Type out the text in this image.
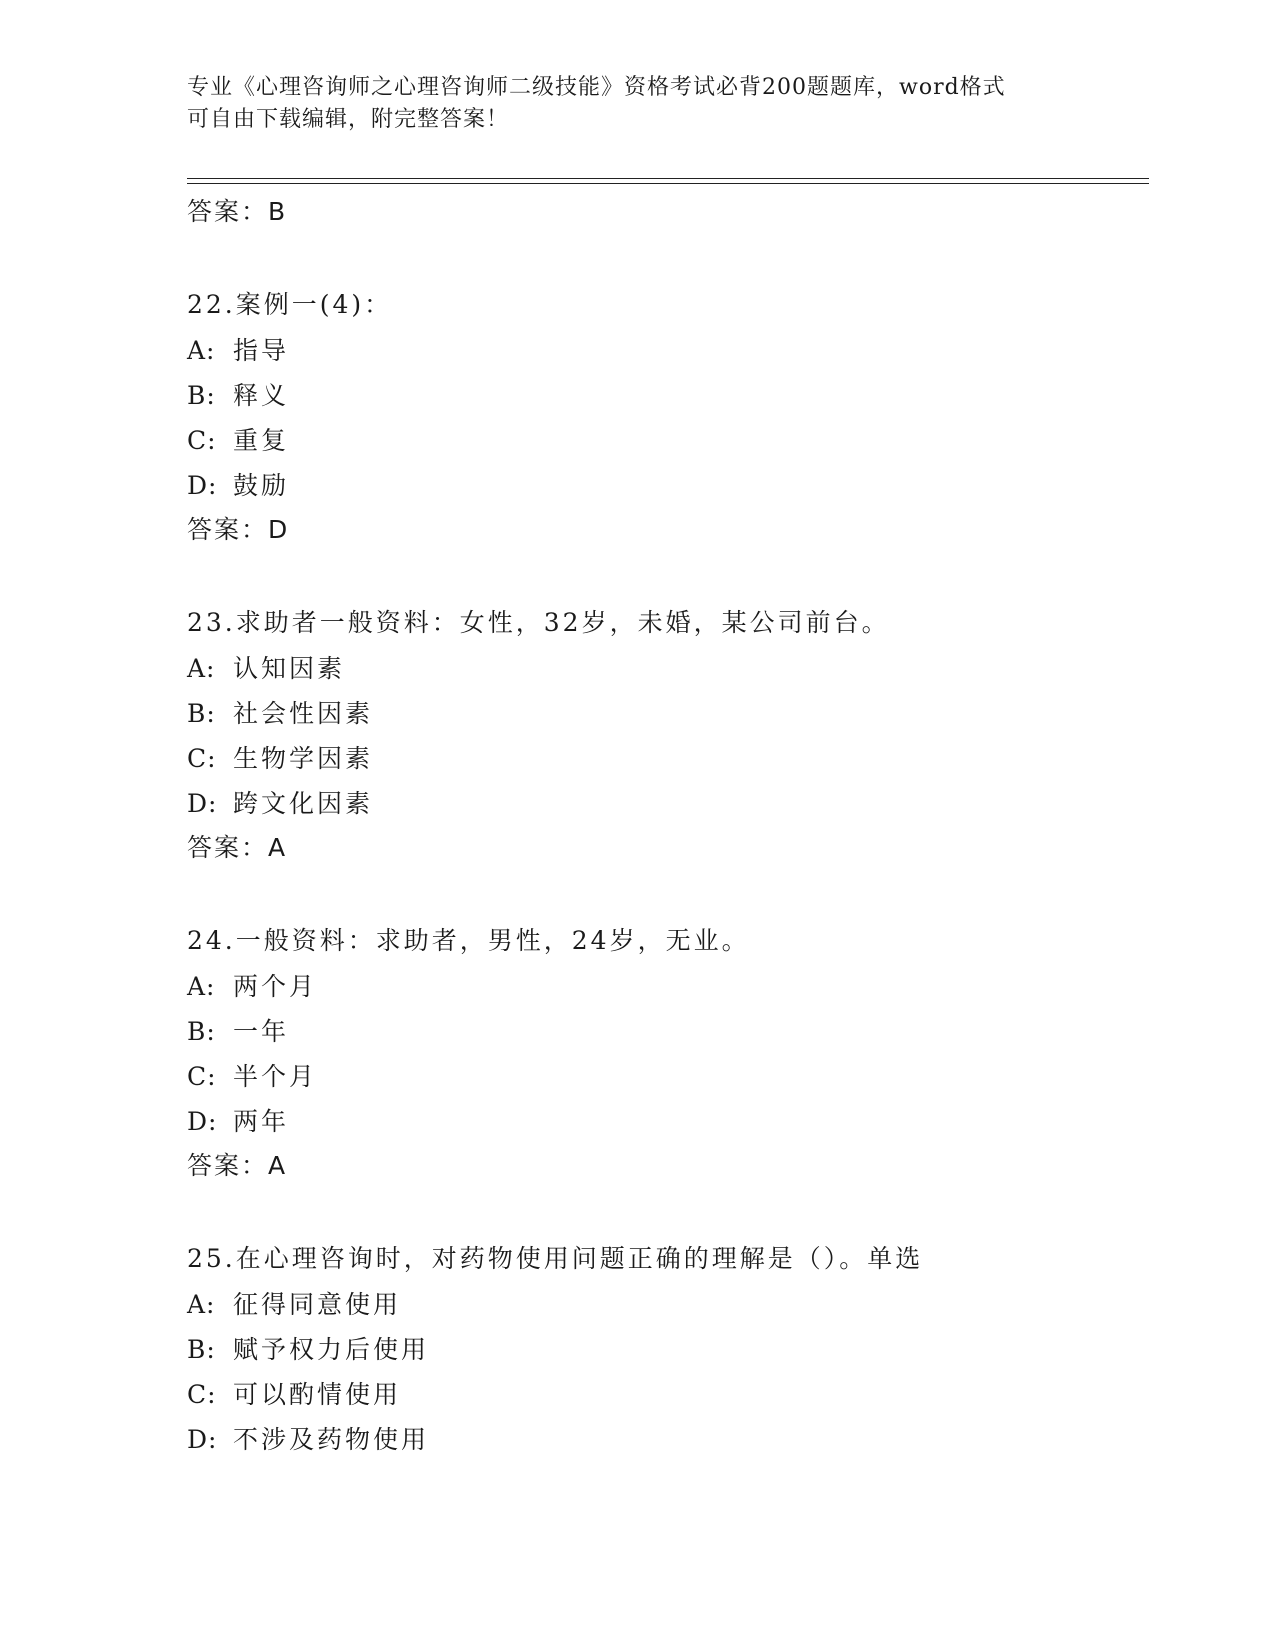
专业《心理咨询师之心理咨询师二级技能》资格考试必背200题题库，word格式
可自由下载编辑，附完整答案！
答案：B
22.案例一(4)：
A: 指导
B: 释义
C: 重复
D: 鼓励
答案：D
23.求助者一般资料：女性，32岁，未婚，某公司前台。
A: 认知因素
B: 社会性因素
C: 生物学因素
D: 跨文化因素
答案：A
24.一般资料：求助者，男性，24岁，无业。
A: 两个月
B: 一年
C: 半个月
D: 两年
答案：A
25.在心理咨询时，对药物使用问题正确的理解是（）。单选
A: 征得同意使用
B: 赋予权力后使用
C: 可以酌情使用
D: 不涉及药物使用
